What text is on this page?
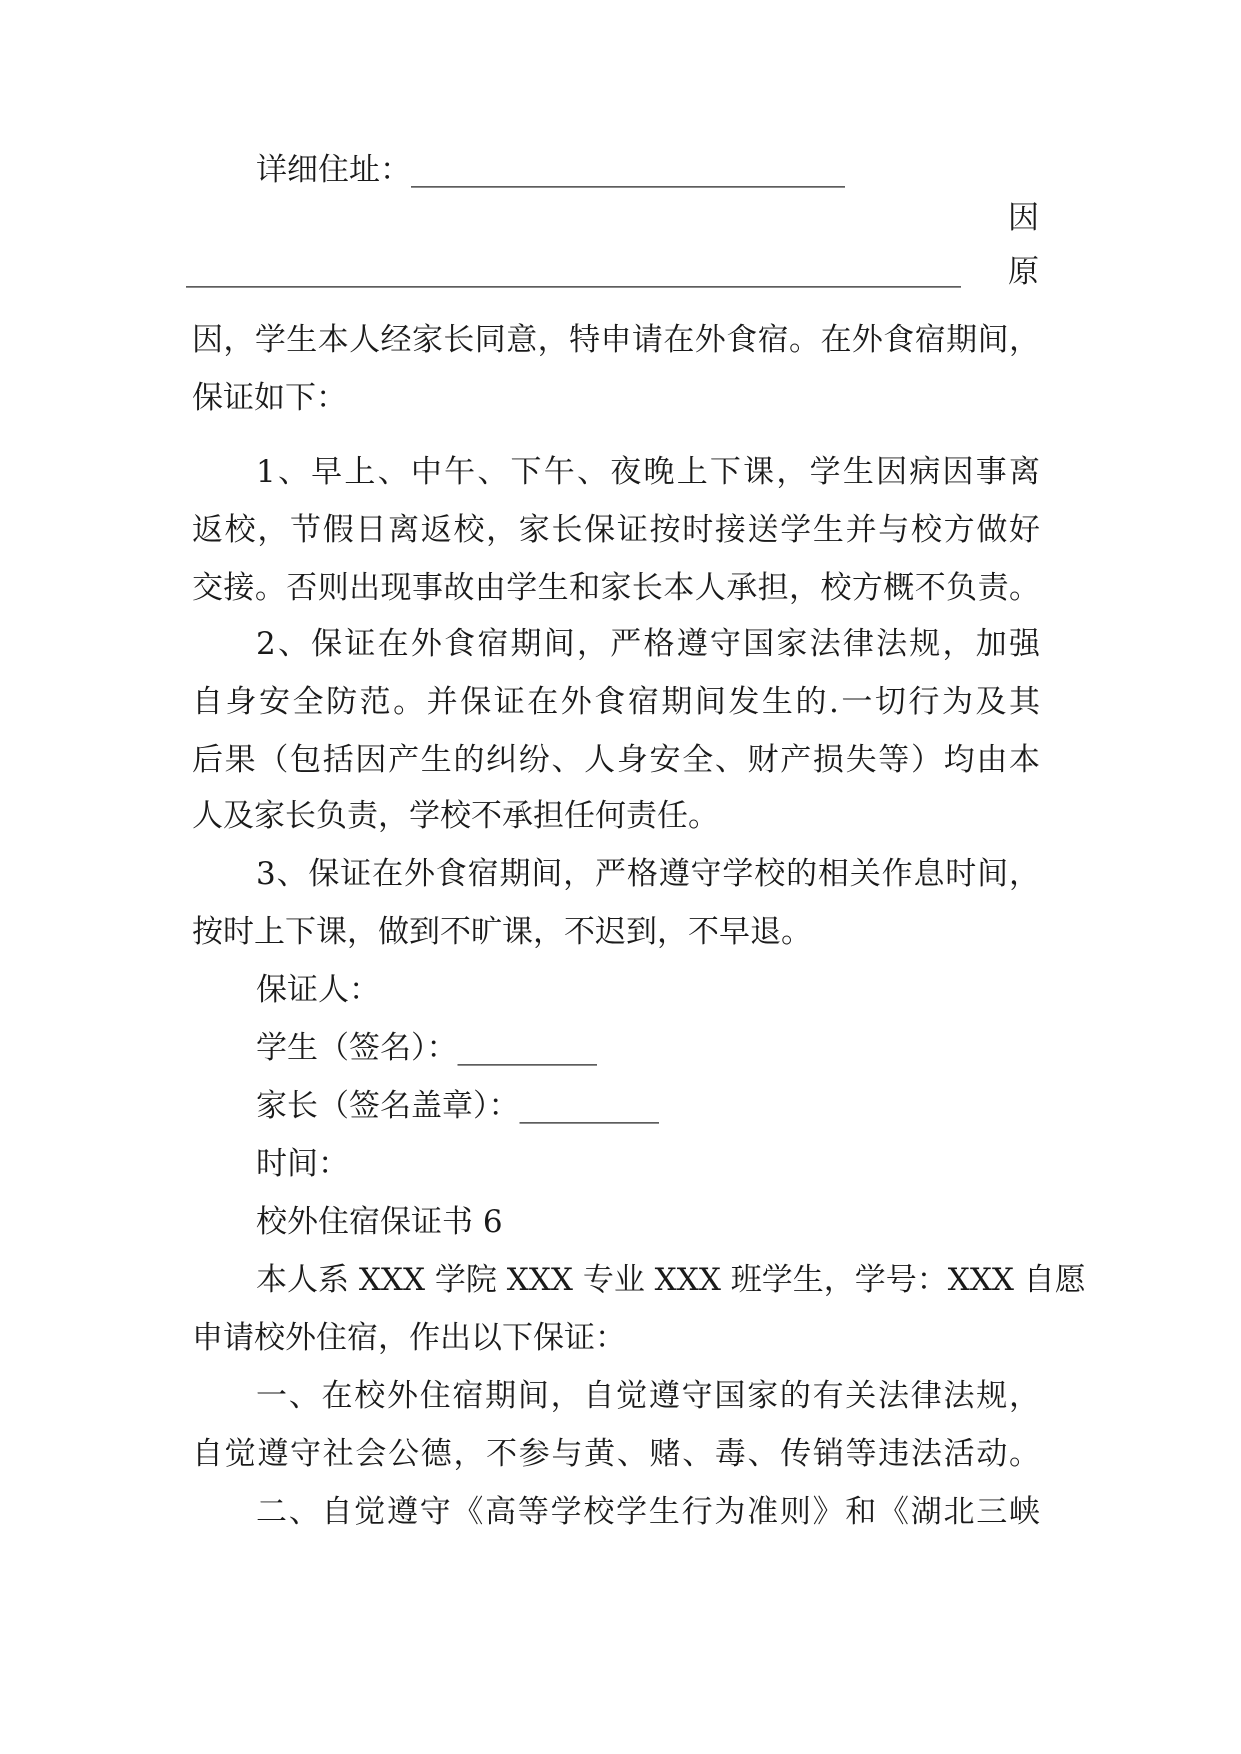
详细住址：____________________________
因
__________________________________________________ 原
因，学生本人经家长同意，特申请在外食宿。在外食宿期间，
保证如下：
1、早上、中午、下午、夜晚上下课，学生因病因事离
返校，节假日离返校，家长保证按时接送学生并与校方做好
交接。否则出现事故由学生和家长本人承担，校方概不负责。
2、保证在外食宿期间，严格遵守国家法律法规，加强
自身安全防范。并保证在外食宿期间发生的.一切行为及其
后果（包括因产生的纠纷、人身安全、财产损失等）均由本
人及家长负责，学校不承担任何责任。
3、保证在外食宿期间，严格遵守学校的相关作息时间，
按时上下课，做到不旷课，不迟到，不早退。
保证人：
学生（签名）：_________
家长（签名盖章）：_________
时间：
校外住宿保证书 6
本人系 XXX 学院 XXX 专业 XXX 班学生，学号：XXX 自愿
申请校外住宿，作出以下保证：
一、在校外住宿期间，自觉遵守国家的有关法律法规，
自觉遵守社会公德，不参与黄、赌、毒、传销等违法活动。
二、自觉遵守《高等学校学生行为准则》和《湖北三峡
